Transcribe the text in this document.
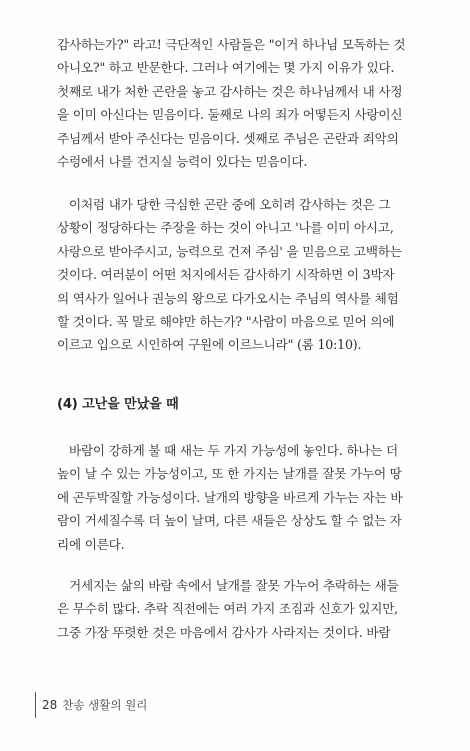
감사하는가?" 라고! 극단적인 사람들은 "이거 하나님 모독하는 것
아니오?" 하고 반문한다. 그러나 여기에는 몇 가지 이유가 있다.
첫째로 내가 처한 곤란을 놓고 감사하는 것은 하나님께서 내 사정
을 이미 아신다는 믿음이다. 둘째로 나의 죄가 어떻든지 사랑이신
주님께서 받아 주신다는 믿음이다. 셋째로 주님은 곤란과 죄악의
수렁에서 나를 건지실 능력이 있다는 믿음이다.

이처럼 내가 당한 극심한 곤란 중에 오히려 감사하는 것은 그
상황이 정당하다는 주장을 하는 것이 아니고 '나를 이미 아시고,
사랑으로 받아주시고, 능력으로 건져 주심' 을 믿음으로 고백하는
것이다. 여러분이 어떤 처지에서든 감사하기 시작하면 이 3박자
의 역사가 일어나 권능의 왕으로 다가오시는 주님의 역사를 체험
할 것이다. 꼭 말로 해야만 하는가? "사람이 마음으로 믿어 의에
이르고 입으로 시인하여 구원에 이르느니라" (롬 10:10).

(4) 고난을 만났을 때

바람이 강하게 불 때 새는 두 가지 가능성에 놓인다. 하나는 더
높이 날 수 있는 가능성이고, 또 한 가지는 날개를 잘못 가누어 땅
에 곤두박질할 가능성이다. 날개의 방향을 바르게 가누는 자는 바
람이 거세질수록 더 높이 날며, 다른 새들은 상상도 할 수 없는 자
리에 이른다.

거세지는 삶의 바람 속에서 날개를 잘못 가누어 추락하는 새들
은 무수히 많다. 추락 직전에는 여러 가지 조짐과 신호가 있지만,
그중 가장 뚜렷한 것은 마음에서 감사가 사라지는 것이다. 바람

28 찬송 생활의 원리
